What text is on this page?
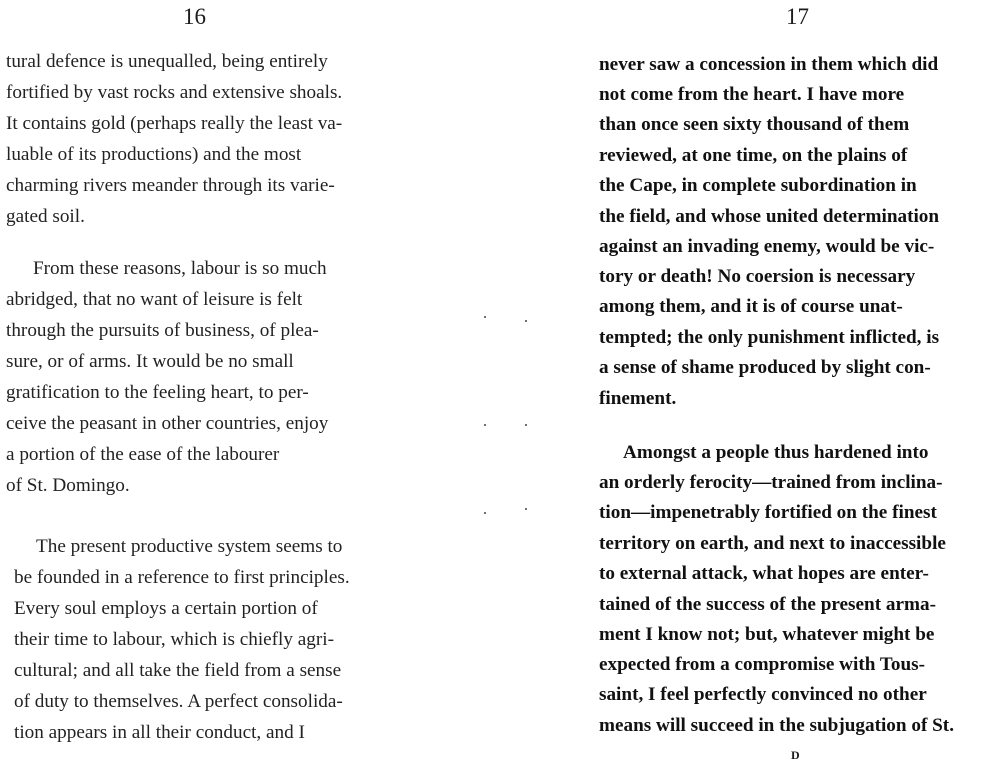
16
tural defence is unequalled, being entirely
fortified by vast rocks and extensive shoals.
It contains gold (perhaps really the least va-
luable of its productions) and the most
charming rivers meander through its varie-
gated soil.
From these reasons, labour is so much
abridged, that no want of leisure is felt
through the pursuits of business, of plea-
sure, or of arms. It would be no small
gratification to the feeling heart, to per-
ceive the peasant in other countries, enjoy
a portion of the ease of the labourer
of St. Domingo.
The present productive system seems to
be founded in a reference to first principles.
Every soul employs a certain portion of
their time to labour, which is chiefly agri-
cultural; and all take the field from a sense
of duty to themselves. A perfect consolida-
tion appears in all their conduct, and I
17
never saw a concession in them which did
not come from the heart. I have more
than once seen sixty thousand of them
reviewed, at one time, on the plains of
the Cape, in complete subordination in
the field, and whose united determination
against an invading enemy, would be vic-
tory or death! No coersion is necessary
among them, and it is of course unat-
tempted; the only punishment inflicted, is
a sense of shame produced by slight con-
finement.
Amongst a people thus hardened into
an orderly ferocity—trained from inclina-
tion—impenetrably fortified on the finest
territory on earth, and next to inaccessible
to external attack, what hopes are enter-
tained of the success of the present arma-
ment I know not; but, whatever might be
expected from a compromise with Tous-
saint, I feel perfectly convinced no other
means will succeed in the subjugation of St.
D
